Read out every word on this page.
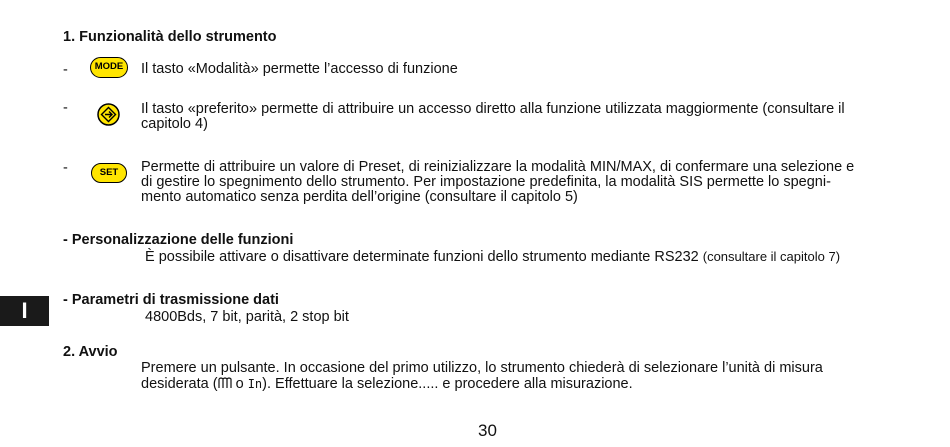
1. Funzionalità dello strumento
-	MODE	Il tasto «Modalità» permette l’accesso di funzione
-	Il tasto «preferito» permette di attribuire un accesso diretto alla funzione utilizzata maggiormente (consultare il
capitolo 4)
-	SET	Permette di attribuire un valore di Preset, di reinizializzare la modalità MIN/MAX, di confermare una selezione e
di gestire lo spegnimento dello strumento. Per impostazione predefinita, la modalità SIS permette lo spegni-
mento automatico senza perdita dell’origine (consultare il capitolo 5)
- Personalizzazione delle funzioni
È possibile attivare o disattivare determinate funzioni dello strumento mediante RS232 (consultare il capitolo 7)
I	- Parametri di trasmissione dati
4800Bds, 7 bit, parità, 2 stop bit
2. Avvio
Premere un pulsante. In occasione del primo utilizzo, lo strumento chiederà di selezionare l’unità di misura
desiderata ( o In). Effettuare la selezione..... e procedere alla misurazione.
30
